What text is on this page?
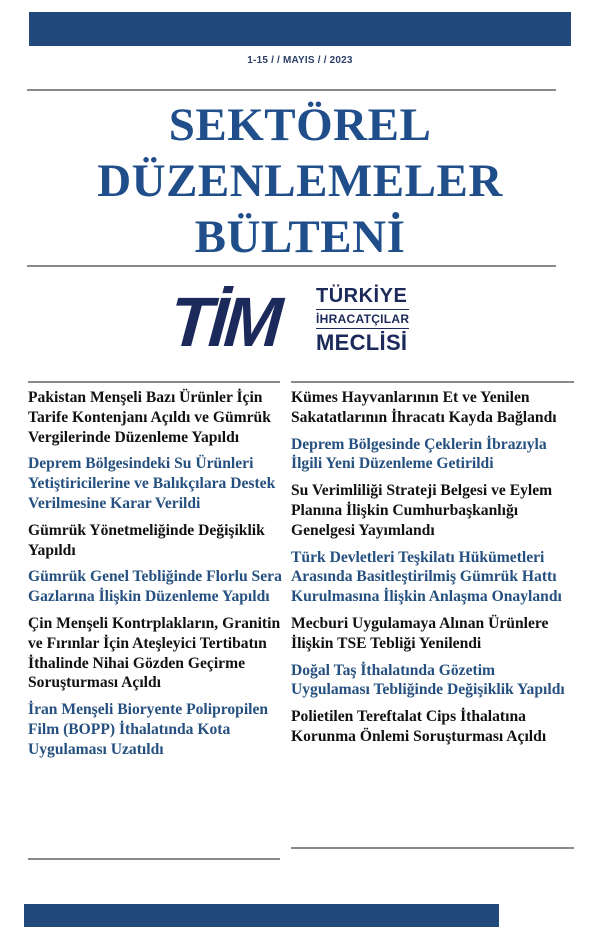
1-15 / / MAYIS / / 2023
SEKTÖREL
DÜZENLEMELER
BÜLTENİ
TİM TÜRKİYE
İHRACATÇILAR
MECLİSİ
Pakistan Menşeli Bazı Ürünler İçin Tarife Kontenjanı Açıldı ve Gümrük Vergilerinde Düzenleme Yapıldı
Deprem Bölgesindeki Su Ürünleri Yetiştiricilerine ve Balıkçılara Destek Verilmesine Karar Verildi
Gümrük Yönetmeliğinde Değişiklik Yapıldı
Gümrük Genel Tebliğinde Florlu Sera Gazlarına İlişkin Düzenleme Yapıldı
Çin Menşeli Kontrplakların, Granitin ve Fırınlar İçin Ateşleyici Tertibatın İthalinde Nihai Gözden Geçirme Soruşturması Açıldı
İran Menşeli Bioryente Polipropilen Film (BOPP) İthalatında Kota Uygulaması Uzatıldı
Kümes Hayvanlarının Et ve Yenilen Sakatatlarının İhracatı Kayda Bağlandı
Deprem Bölgesinde Çeklerin İbrazıyla İlgili Yeni Düzenleme Getirildi
Su Verimliliği Strateji Belgesi ve Eylem Planına İlişkin Cumhurbaşkanlığı Genelgesi Yayımlandı
Türk Devletleri Teşkilatı Hükümetleri Arasında Basitleştirilmiş Gümrük Hattı Kurulmasına İlişkin Anlaşma Onaylandı
Mecburi Uygulamaya Alınan Ürünlere İlişkin TSE Tebliği Yenilendi
Doğal Taş İthalatında Gözetim Uygulaması Tebliğinde Değişiklik Yapıldı
Polietilen Tereftalat Cips İthalatına Korunma Önlemi Soruşturması Açıldı
